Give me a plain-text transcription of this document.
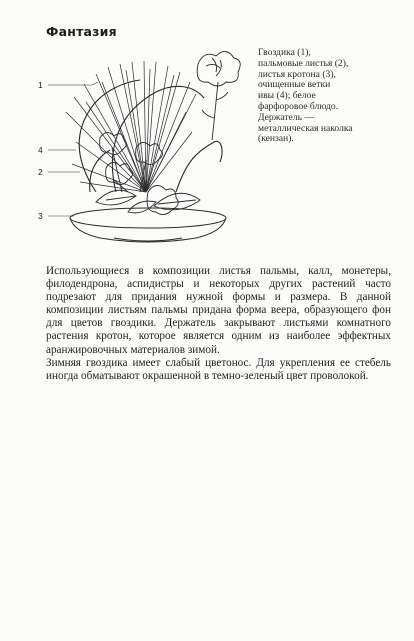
Фантазия
1
4
2
3
Гвоздика (1),
пальмовые листья (2),
листья кротона (3),
очищенные ветки
ивы (4); белое
фарфоровое блюдо.
Держатель —
металлическая наколка
(кензан).

Использующиеся в композиции листья пальмы, калл, монетеры, филодендрона, аспидистры и некоторых других растений часто подрезают для придания нужной формы и размера. В данной композиции листьям пальмы придана форма веера, образующего фон для цветов гвоздики. Держатель закрывают листьями комнатного растения кротон, которое является одним из наиболее эффектных аранжировочных материалов зимой.

Зимняя гвоздика имеет слабый цветонос. Для укрепления ее стебель иногда обматывают окрашенной в темно-зеленый цвет проволокой.
